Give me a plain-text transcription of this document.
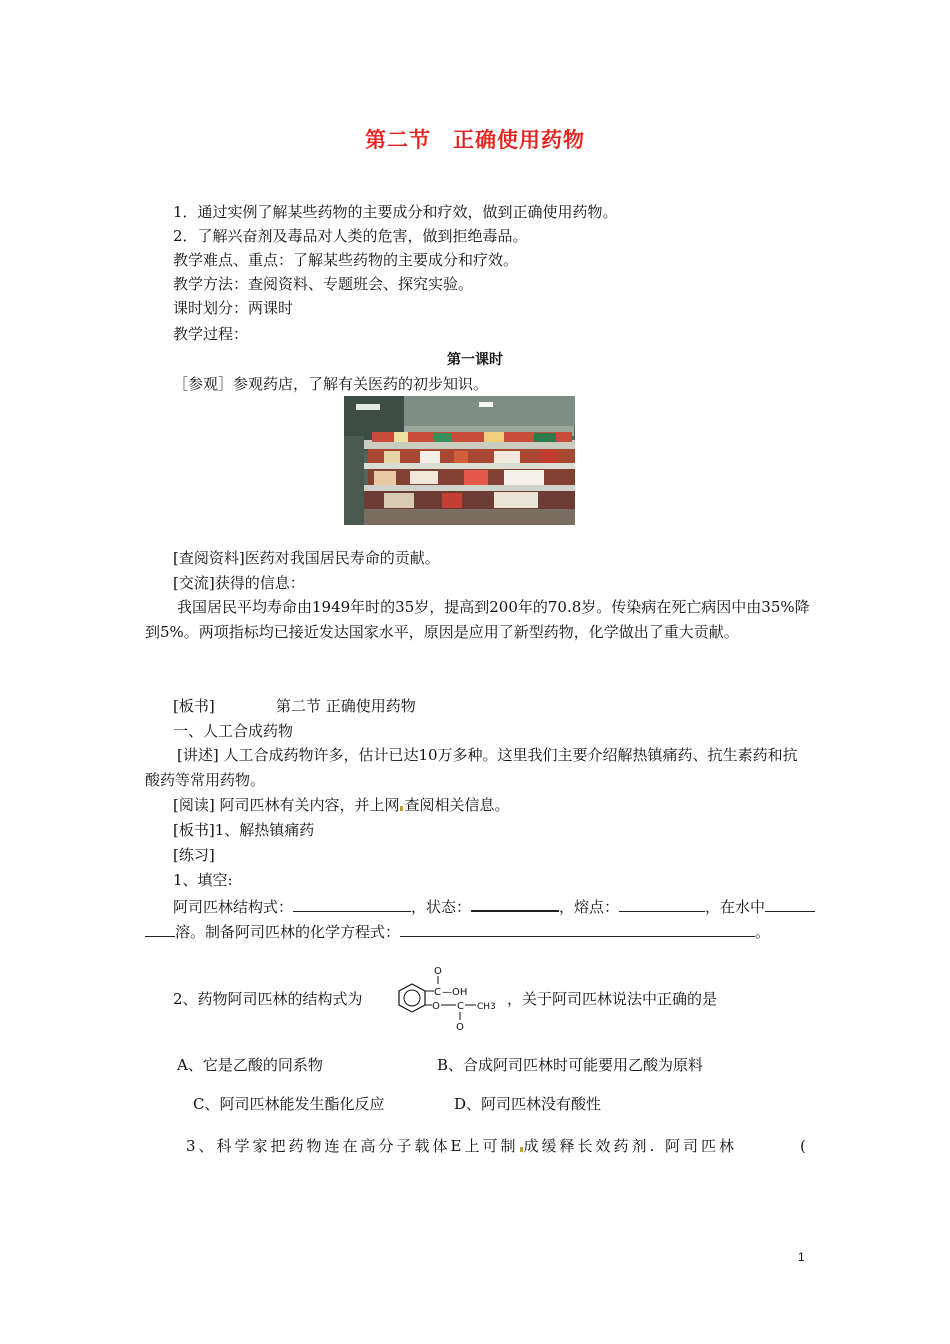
第二节　正确使用药物
1．通过实例了解某些药物的主要成分和疗效，做到正确使用药物。
2．了解兴奋剂及毒品对人类的危害，做到拒绝毒品。
教学难点、重点：了解某些药物的主要成分和疗效。
教学方法：查阅资料、专题班会、探究实验。
课时划分：两课时
教学过程：
第一课时
［参观］参观药店，了解有关医药的初步知识。
[查阅资料]医药对我国居民寿命的贡献。
[交流]获得的信息：
我国居民平均寿命由1949年时的35岁，提高到200年的70.8岁。传染病在死亡病因中由35%降到5%。两项指标均已接近发达国家水平，原因是应用了新型药物，化学做出了重大贡献。
[板书]	第二节 正确使用药物
一、人工合成药物
[讲述] 人工合成药物许多，估计已达10万多种。这里我们主要介绍解热镇痛药、抗生素药和抗酸药等常用药物。
[阅读] 阿司匹林有关内容，并上网 查阅相关信息。
[板书]1、解热镇痛药
[练习]
1、填空:
阿司匹林结构式：	，状态：	，熔点：	，在水中
溶。制备阿司匹林的化学方程式：	。
2、药物阿司匹林的结构式为	C
O
—OH
O C
O
CH3 ，关于阿司匹林说法中正确的是
A、它是乙酸的同系物	B、合成阿司匹林时可能要用乙酸为原料
C、阿司匹林能发生酯化反应	D、阿司匹林没有酸性
3、科学家把药物连在高分子载体E上可制 成缓释长效药剂. 阿司匹林	(
1
